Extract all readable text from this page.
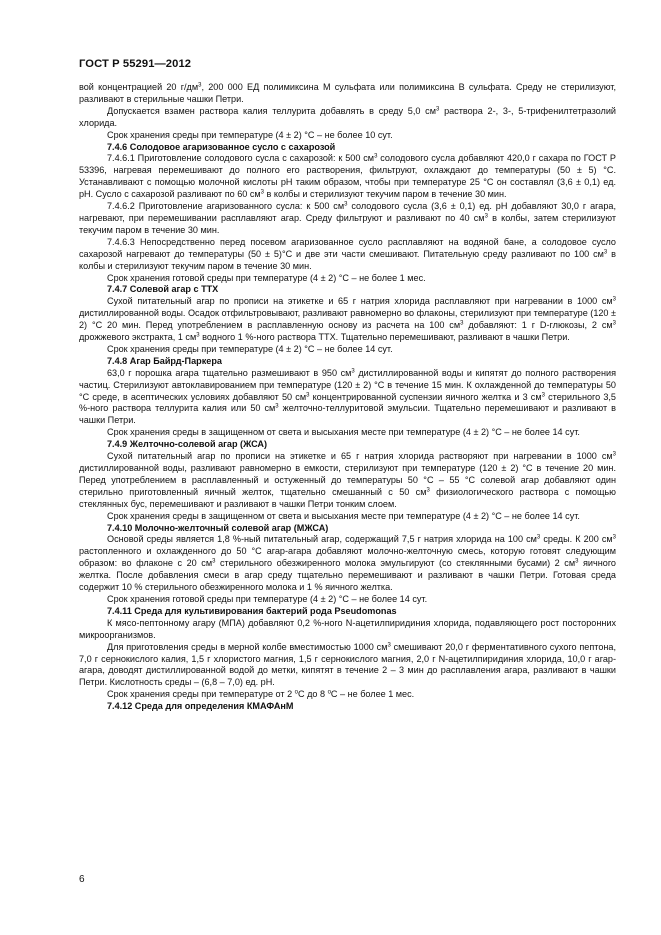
ГОСТ Р 55291—2012

вой концентрацией 20 $г/дм^3$, 200 000 ЕД полимиксина М сульфата или полимиксина В сульфата. Среду не стерилизуют, разливают в стерильные чашки Петри.

Допускается взамен раствора калия теллурита добавлять в среду 5,0 $см^3$ раствора 2-, 3-, 5-трифенилтетразолий хлорида.

Срок хранения среды при температуре (4 ± 2) °С – не более 10 сут.

7.4.6 Солодовое агаризованное сусло с сахарозой

7.4.6.1 Приготовление солодового сусла с сахарозой: к 500 $см^3$ солодового сусла добавляют 420,0 г сахара по ГОСТ Р 53396, нагревая перемешивают до полного его растворения, фильтруют, охлаждают до температуры (50 ± 5) °С. Устанавливают с помощью молочной кислоты pH таким образом, чтобы при температуре 25 °С он составлял (3,6 ± 0,1) ед. pH. Сусло с сахарозой разливают по 60 $см^3$ в колбы и стерилизуют текучим паром в течение 30 мин.

7.4.6.2 Приготовление агаризованного сусла: к 500 $см^3$ солодового сусла (3,6 ± 0,1) ед. pH добавляют 30,0 г агара, нагревают, при перемешивании расплавляют агар. Среду фильтруют и разливают по 40 $см^3$ в колбы, затем стерилизуют текучим паром в течение 30 мин.

7.4.6.3 Непосредственно перед посевом агаризованное сусло расплавляют на водяной бане, а солодовое сусло сахарозой нагревают до температуры (50 ± 5)°С и две эти части смешивают. Питательную среду разливают по 100 $см^3$ в колбы и стерилизуют текучим паром в течение 30 мин.

Срок хранения готовой среды при температуре (4 ± 2) °С – не более 1 мес.

7.4.7 Солевой агар с ТТХ

Сухой питательный агар по прописи на этикетке и 65 г натрия хлорида расплавляют при нагревании в 1000 $см^3$ дистиллированной воды. Осадок отфильтровывают, разливают равномерно во флаконы, стерилизуют при температуре (120 ± 2) °С 20 мин. Перед употреблением в расплавленную основу из расчета на 100 $см^3$ добавляют: 1 г D-глюкозы, 2 $см^3$ дрожжевого экстракта, 1 $см^3$ водного 1 %-ного раствора ТТХ. Тщательно перемешивают, разливают в чашки Петри.

Срок хранения среды при температуре (4 ± 2) °С – не более 14 сут.

7.4.8 Агар Байрд-Паркера

63,0 г порошка агара тщательно размешивают в 950 $см^3$ дистиллированной воды и кипятят до полного растворения частиц. Стерилизуют автоклавированием при температуре (120 ± 2) °С в течение 15 мин. К охлажденной до температуры 50 °С среде, в асептических условиях добавляют 50 $см^3$ концентрированной суспензии яичного желтка и 3 $см^3$ стерильного 3,5 %-ного раствора теллурита калия или 50 $см^3$ желточно-теллуритовой эмульсии. Тщательно перемешивают и разливают в чашки Петри.

Срок хранения среды в защищенном от света и высыхания месте при температуре (4 ± 2) °С – не более 14 сут.

7.4.9 Желточно-солевой агар (ЖСА)

Сухой питательный агар по прописи на этикетке и 65 г натрия хлорида растворяют при нагревании в 1000 $см^3$ дистиллированной воды, разливают равномерно в емкости, стерилизуют при температуре (120 ± 2) °С в течение 20 мин. Перед употреблением в расплавленный и остуженный до температуры 50 °С – 55 °С солевой агар добавляют один стерильно приготовленный яичный желток, тщательно смешанный с 50 $см^3$ физиологического раствора с помощью стеклянных бус, перемешивают и разливают в чашки Петри тонким слоем.

Срок хранения среды в защищенном от света и высыхания месте при температуре (4 ± 2) °С – не более 14 сут.

7.4.10 Молочно-желточный солевой агар (МЖСА)

Основой среды является 1,8 %-ный питательный агар, содержащий 7,5 г натрия хлорида на 100 $см^3$ среды. К 200 $см^3$ растопленного и охлажденного до 50 °С агар-агара добавляют молочно-желточную смесь, которую готовят следующим образом: во флаконе с 20 $см^3$ стерильного обезжиренного молока эмульгируют (со стеклянными бусами) 2 $см^3$ яичного желтка. После добавления смеси в агар среду тщательно перемешивают и разливают в чашки Петри. Готовая среда содержит 10 % стерильного обезжиренного молока и 1 % яичного желтка.

Срок хранения готовой среды при температуре (4 ± 2) °С – не более 14 сут.

7.4.11 Среда для культивирования бактерий рода Pseudomonas

К мясо-пептонному агару (МПА) добавляют 0,2 %-ного N-ацетилпиридиния хлорида, подавляющего рост посторонних микроорганизмов.

Для приготовления среды в мерной колбе вместимостью 1000 $см^3$ смешивают 20,0 г ферментативного сухого пептона, 7,0 г сернокислого калия, 1,5 г хлористого магния, 1,5 г сернокислого магния, 2,0 г N-ацетилпиридиния хлорида, 10,0 г агар-агара, доводят дистиллированной водой до метки, кипятят в течение 2 – 3 мин до расплавления агара, разливают в чашки Петри. Кислотность среды – (6,8 – 7,0) ед. pH.

Срок хранения среды при температуре от 2 $^о$С до 8 $^о$С – не более 1 мес.

7.4.12 Среда для определения КМАФАнМ

6
